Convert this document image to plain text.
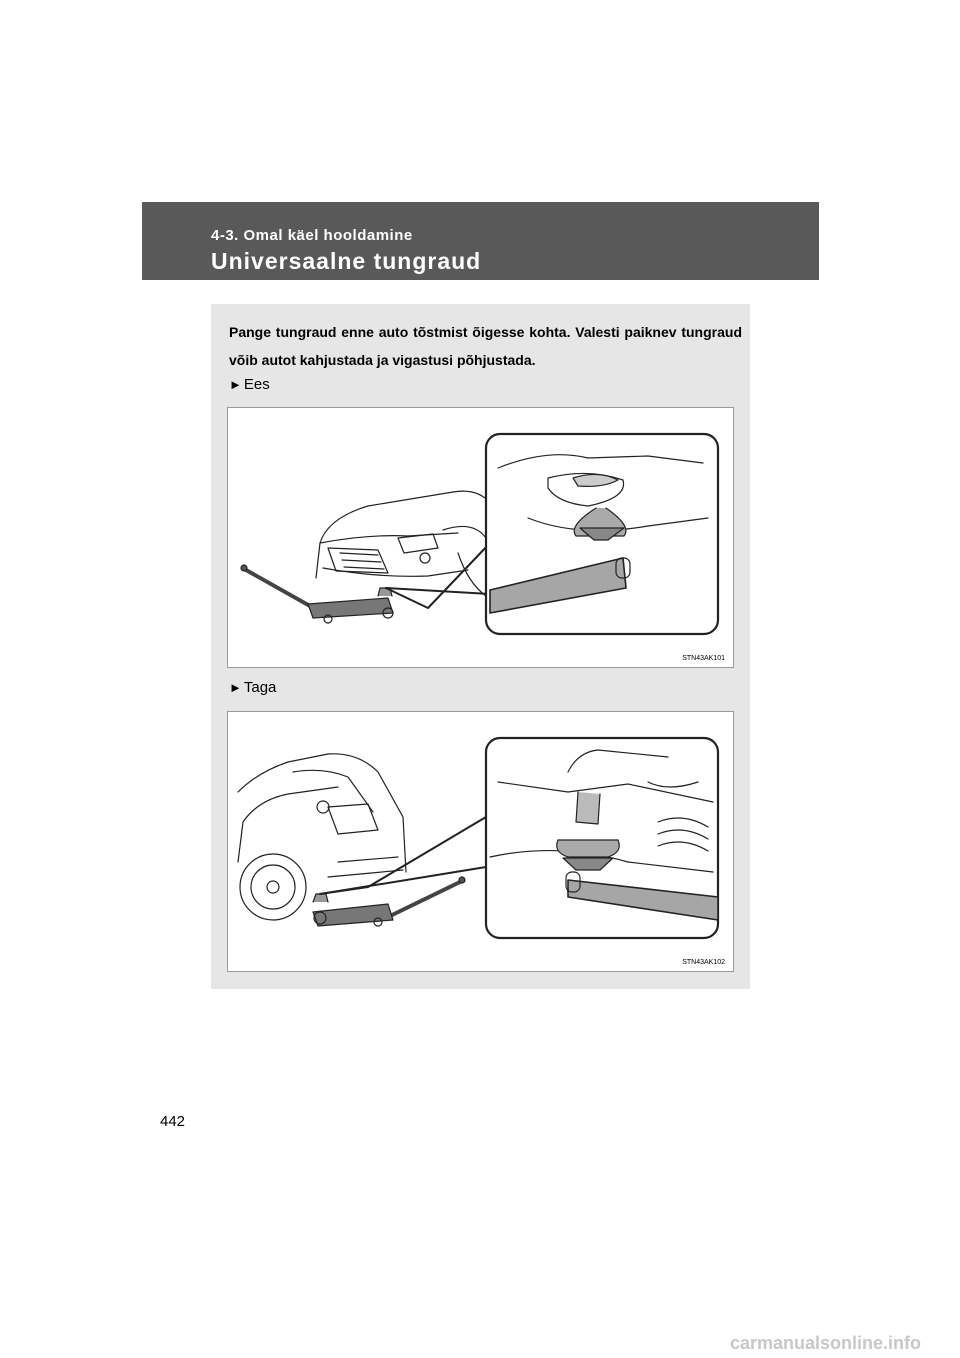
4-3. Omal käel hooldamine
Universaalne tungraud
Pange tungraud enne auto tõstmist õigesse kohta. Valesti paiknev tungraud võib autot kahjustada ja vigastusi põhjustada.
► Ees
STN43AK101
► Taga
STN43AK102
442
carmanualsonline.info
